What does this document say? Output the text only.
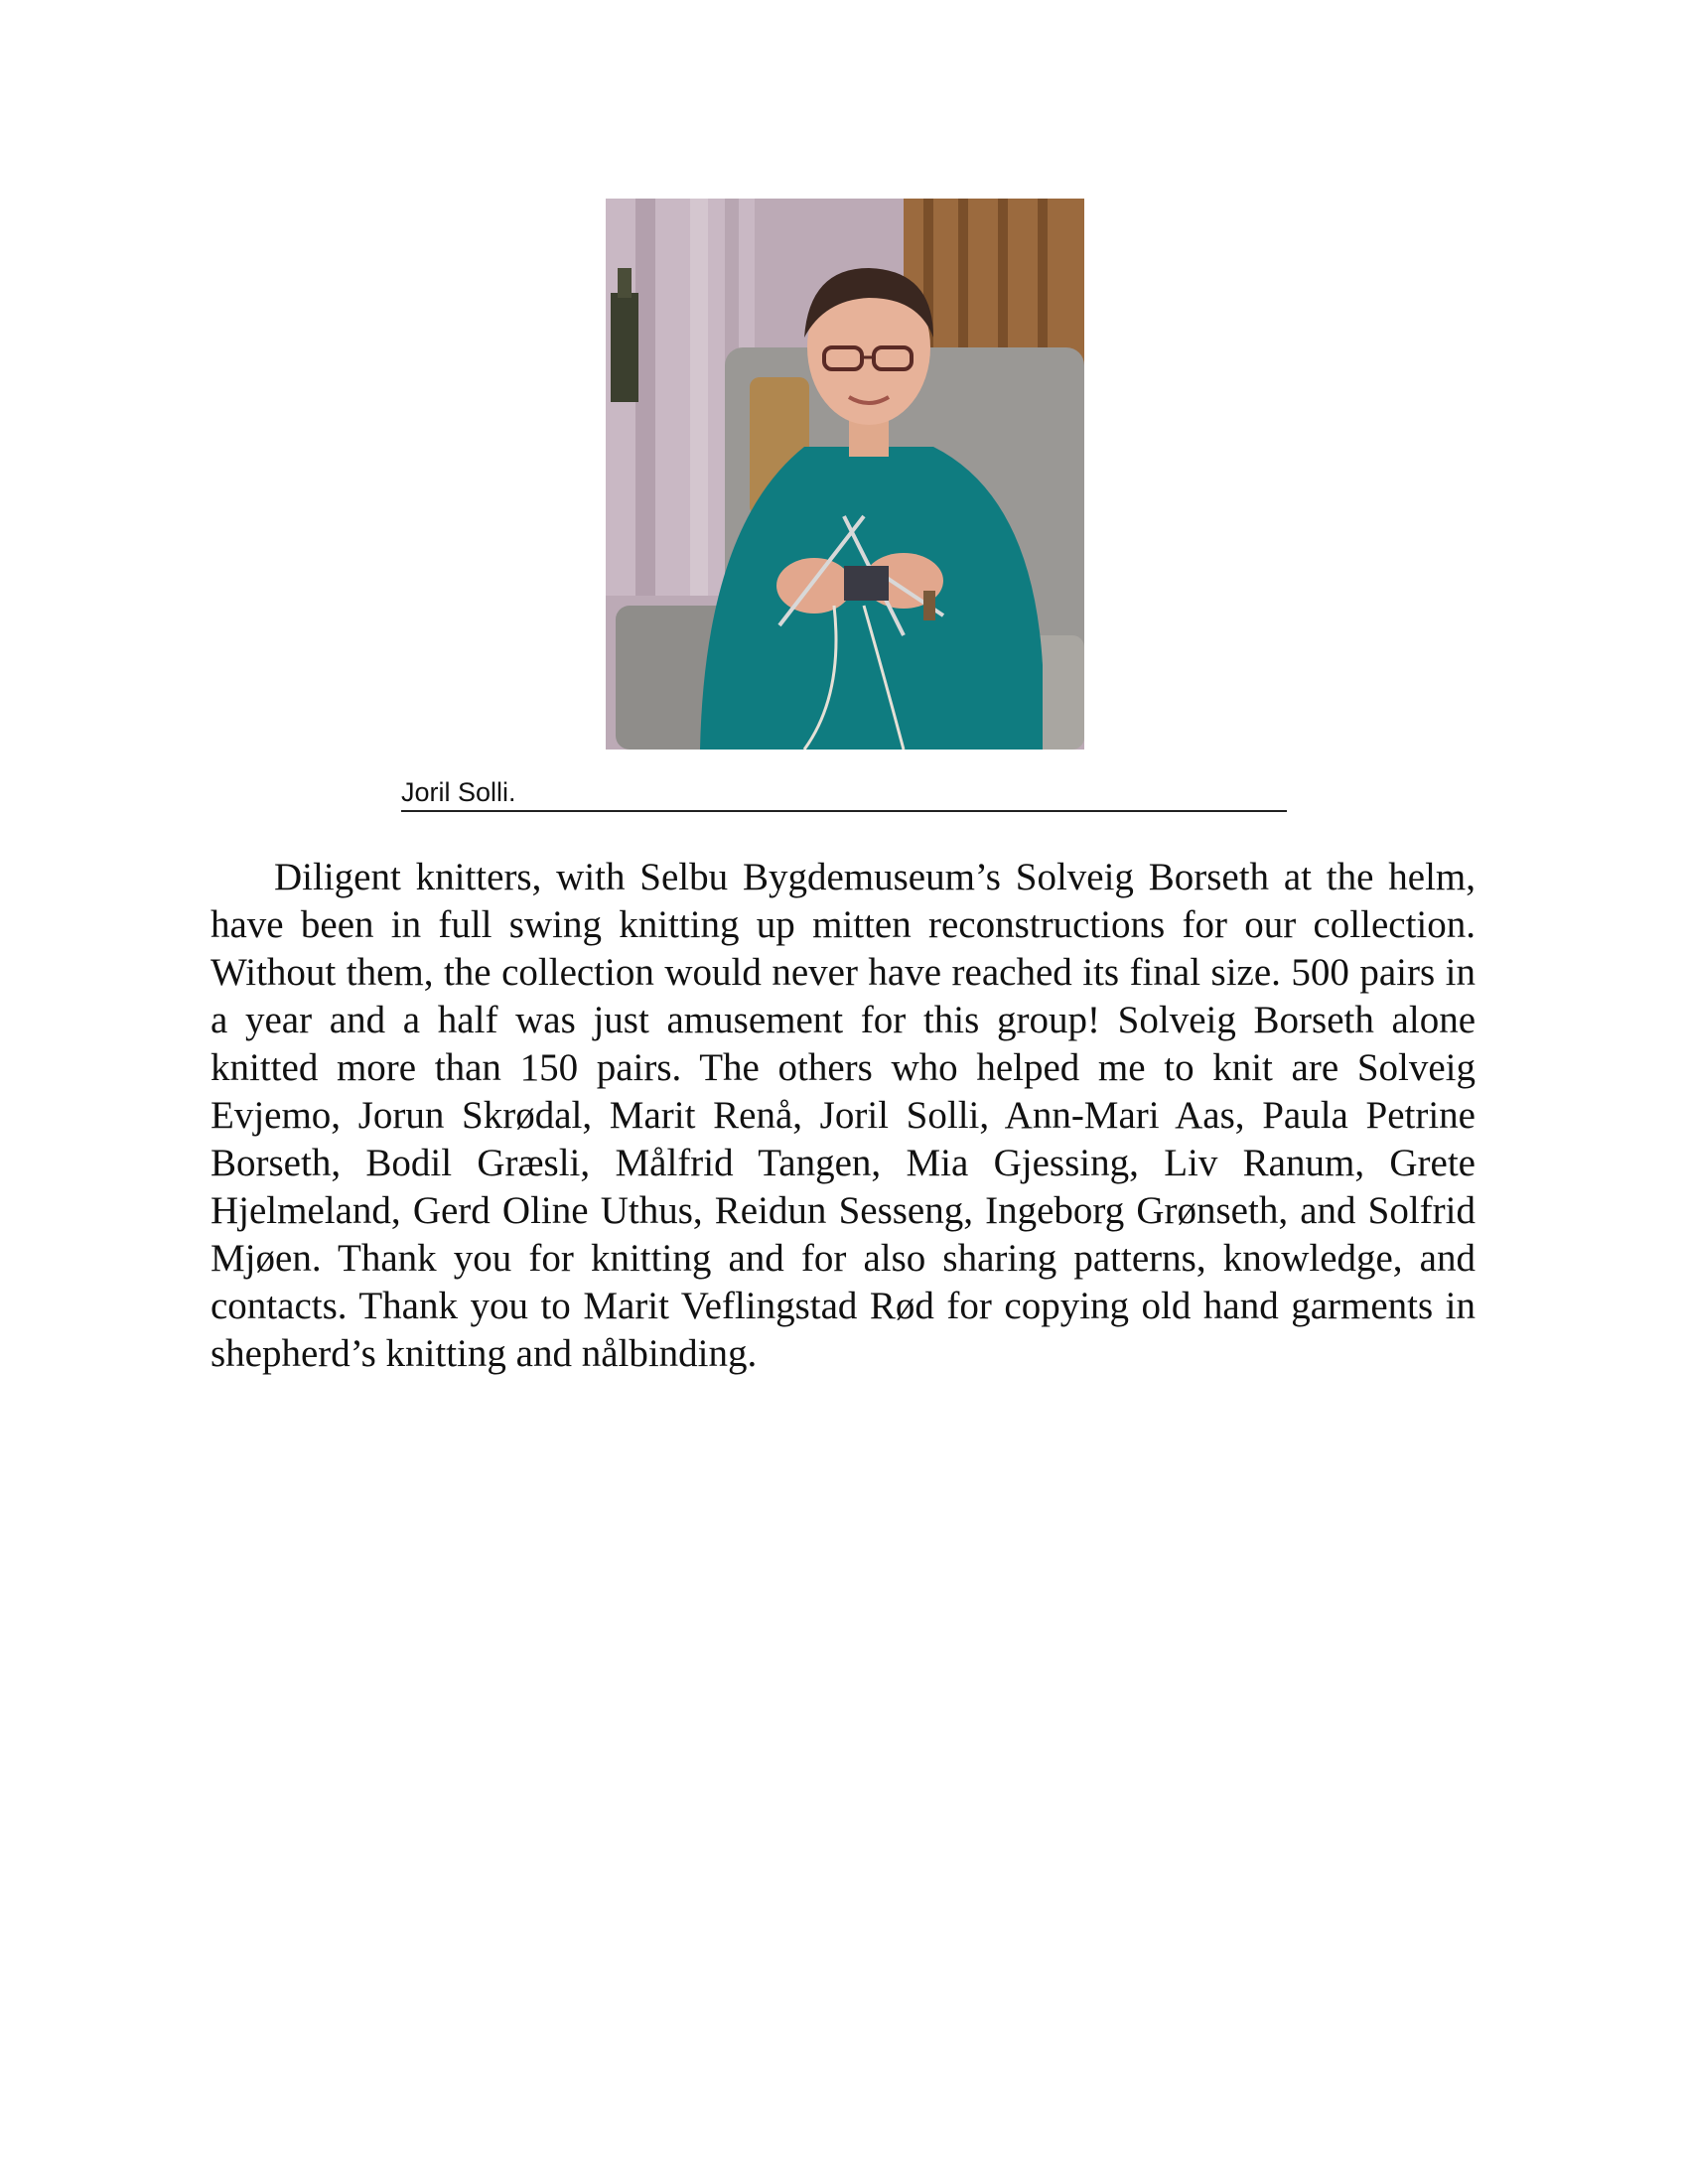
Joril Solli.

Diligent knitters, with Selbu Bygdemuseum’s Solveig Borseth at the helm, have been in full swing knitting up mitten reconstructions for our collection. Without them, the collection would never have reached its final size. 500 pairs in a year and a half was just amusement for this group! Solveig Borseth alone knitted more than 150 pairs. The others who helped me to knit are Solveig Evjemo, Jorun Skrødal, Marit Renå, Joril Solli, Ann-Mari Aas, Paula Petrine Borseth, Bodil Græsli, Målfrid Tangen, Mia Gjessing, Liv Ranum, Grete Hjelmeland, Gerd Oline Uthus, Reidun Sesseng, Ingeborg Grønseth, and Solfrid Mjøen. Thank you for knitting and for also sharing patterns, knowledge, and contacts. Thank you to Marit Veflingstad Rød for copying old hand garments in shepherd’s knitting and nålbinding.
